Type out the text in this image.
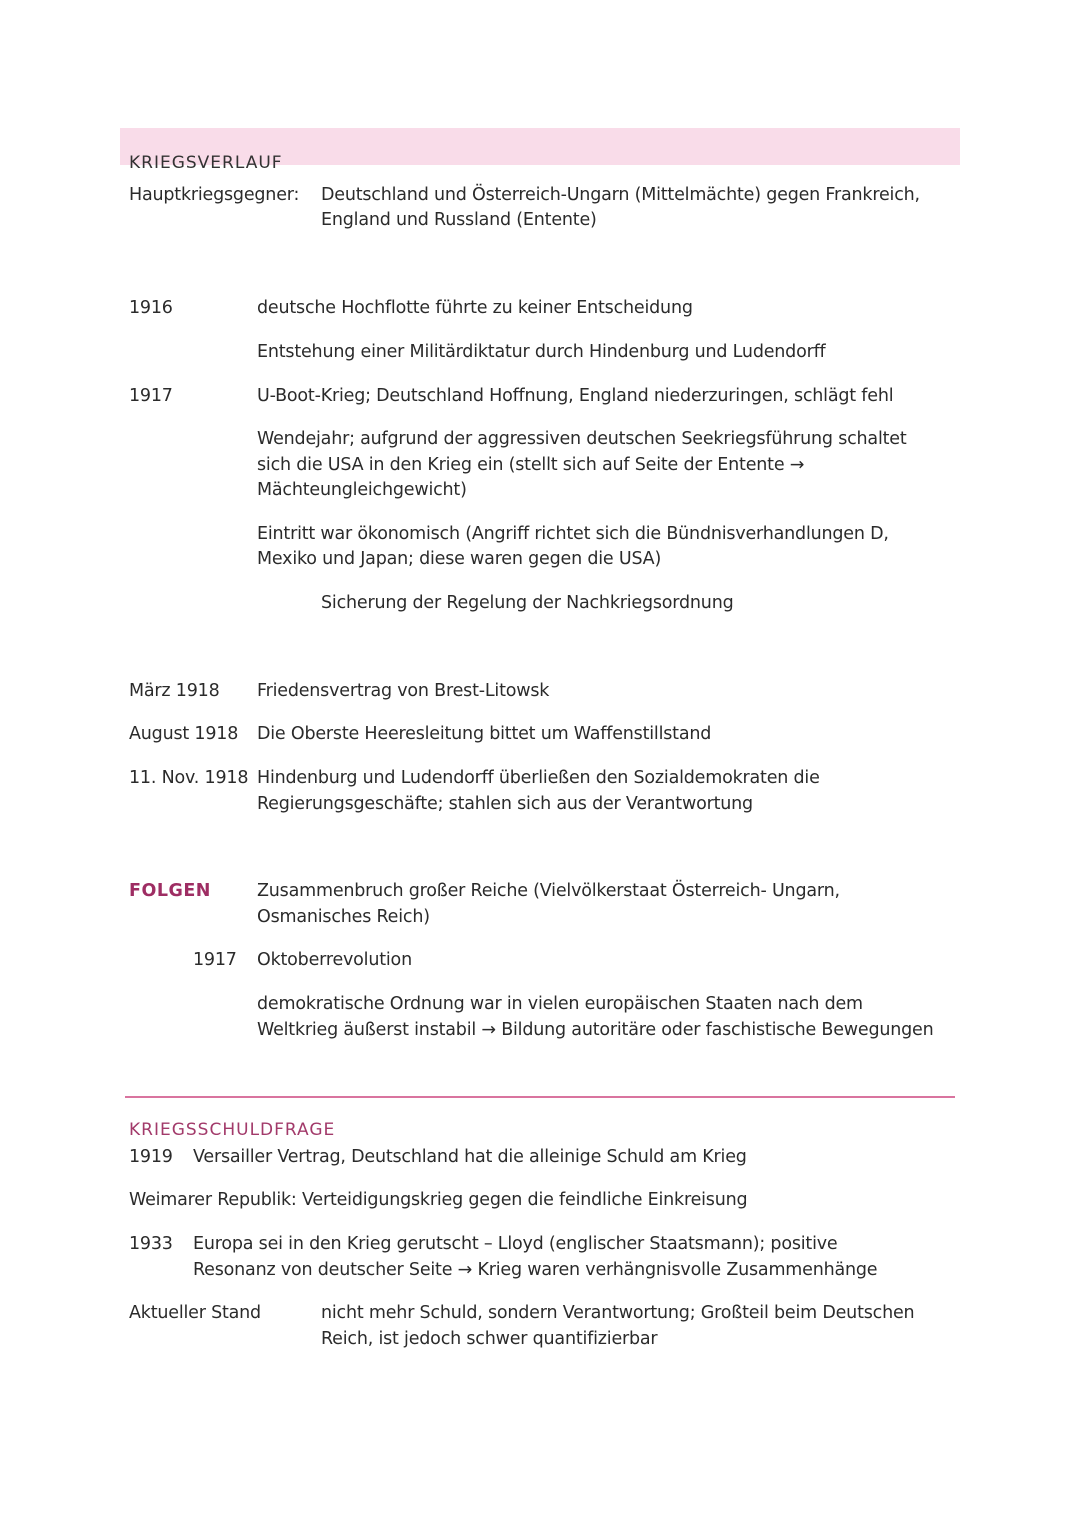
KRIEGSVERLAUF

Hauptkriegsgegner: Deutschland und Österreich-Ungarn (Mittelmächte) gegen Frankreich,

England und Russland (Entente)

1916	deutsche Hochflotte führte zu keiner Entscheidung

Entstehung einer Militärdiktatur durch Hindenburg und Ludendorff

1917	U-Boot-Krieg; Deutschland Hoffnung, England niederzuringen, schlägt fehl

Wendejahr; aufgrund der aggressiven deutschen Seekriegsführung schaltet

sich die USA in den Krieg ein (stellt sich auf Seite der Entente →

Mächteungleichgewicht)

Eintritt war ökonomisch (Angriff richtet sich die Bündnisverhandlungen D,

Mexiko und Japan; diese waren gegen die USA)

Sicherung der Regelung der Nachkriegsordnung

März 1918 Friedensvertrag von Brest-Litowsk

August 1918 Die Oberste Heeresleitung bittet um Waffenstillstand

11. Nov. 1918 Hindenburg und Ludendorff überließen den Sozialdemokraten die

Regierungsgeschäfte; stahlen sich aus der Verantwortung

FOLGEN	Zusammenbruch großer Reiche (Vielvölkerstaat Österreich- Ungarn,

Osmanisches Reich)

1917 Oktoberrevolution

demokratische Ordnung war in vielen europäischen Staaten nach dem

Weltkrieg äußerst instabil → Bildung autoritäre oder faschistische Bewegungen

KRIEGSSCHULDFRAGE

1919 Versailler Vertrag, Deutschland hat die alleinige Schuld am Krieg

Weimarer Republik: Verteidigungskrieg gegen die feindliche Einkreisung

1933 Europa sei in den Krieg gerutscht – Lloyd (englischer Staatsmann); positive

Resonanz von deutscher Seite → Krieg waren verhängnisvolle Zusammenhänge

Aktueller Stand	nicht mehr Schuld, sondern Verantwortung; Großteil beim Deutschen

Reich, ist jedoch schwer quantifizierbar
